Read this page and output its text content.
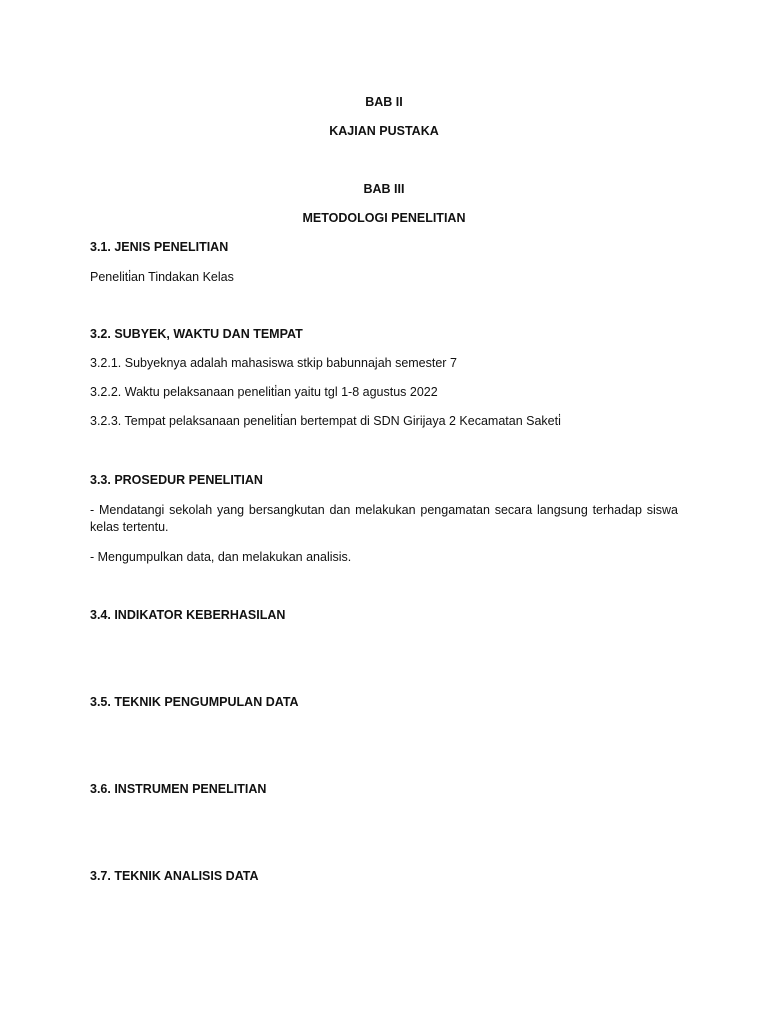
BAB II
KAJIAN PUSTAKA
BAB III
METODOLOGI PENELITIAN
3.1. JENIS PENELITIAN
Peneliti̇an Tindakan Kelas
3.2. SUBYEK, WAKTU DAN TEMPAT
3.2.1. Subyeknya adalah mahasiswa stkip babunnajah semester 7
3.2.2. Waktu pelaksanaan peneliti̇an yaitu tgl 1-8 agustus 2022
3.2.3. Tempat pelaksanaan peneliti̇an bertempat di SDN Girijaya 2 Kecamatan Saketi̇
3.3. PROSEDUR PENELITIAN
- Mendatangi sekolah yang bersangkutan dan melakukan pengamatan secara langsung terhadap siswa kelas tertentu.
- Mengumpulkan data, dan melakukan analisis.
3.4. INDIKATOR KEBERHASILAN
3.5. TEKNIK PENGUMPULAN DATA
3.6. INSTRUMEN PENELITIAN
3.7. TEKNIK ANALISIS DATA
